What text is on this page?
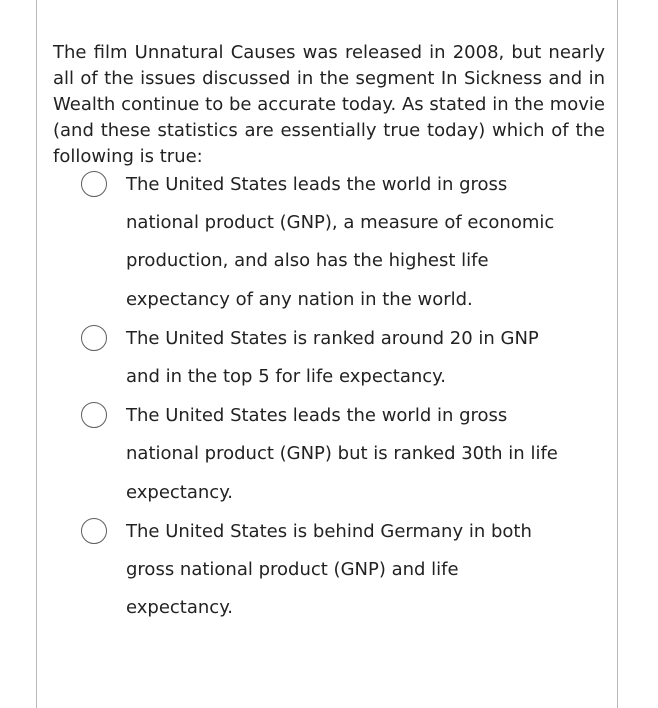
The film Unnatural Causes was released in 2008, but nearly all of the issues discussed in the segment In Sickness and in Wealth continue to be accurate today. As stated in the movie (and these statistics are essentially true today) which of the following is true:

The United States leads the world in gross national product (GNP), a measure of economic production, and also has the highest life expectancy of any nation in the world.
The United States is ranked around 20 in GNP and in the top 5 for life expectancy.
The United States leads the world in gross national product (GNP) but is ranked 30th in life expectancy.
The United States is behind Germany in both gross national product (GNP) and life expectancy.
